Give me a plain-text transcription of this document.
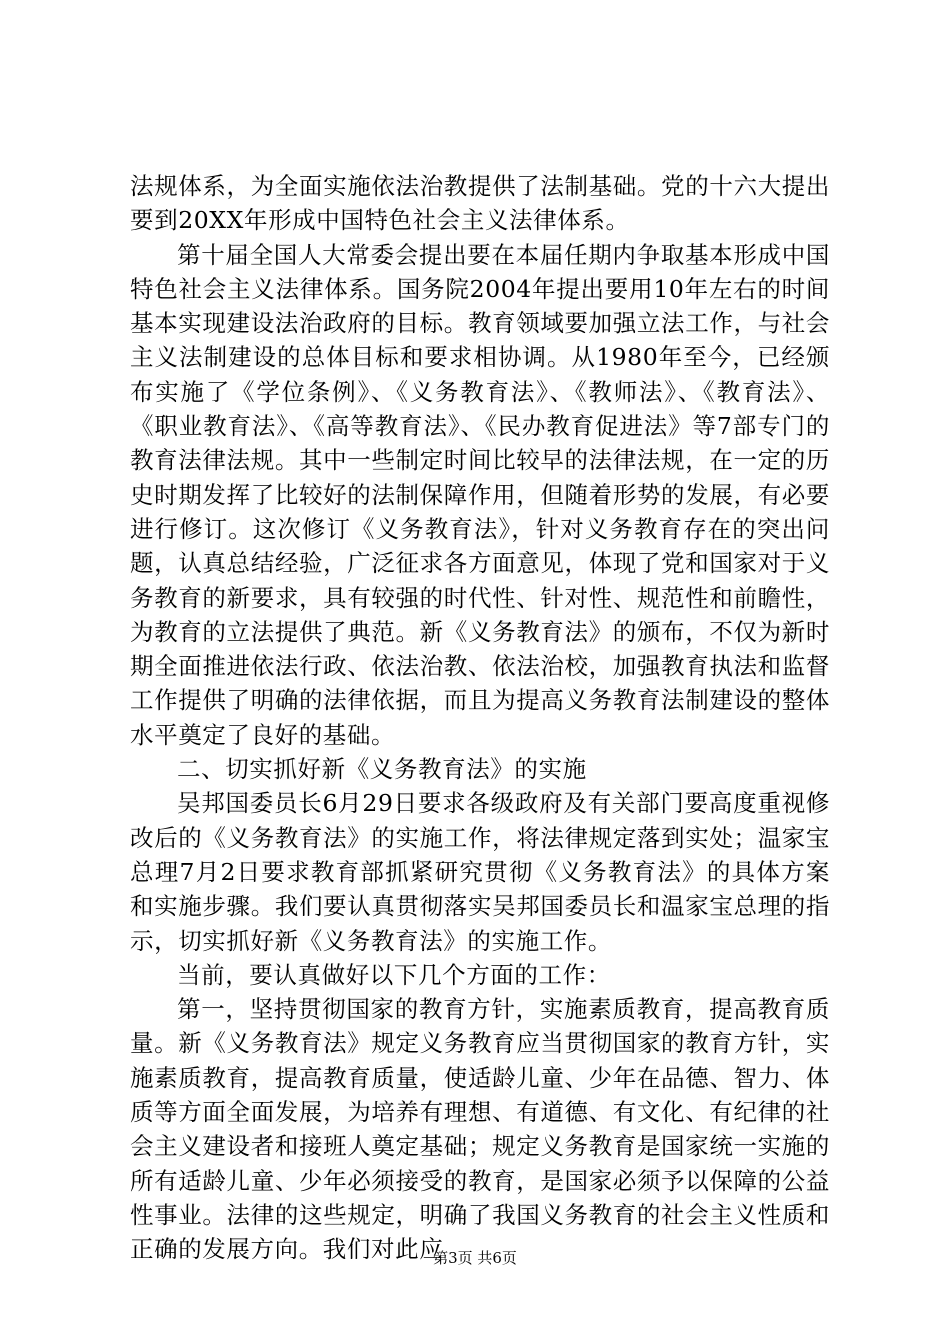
法规体系，为全面实施依法治教提供了法制基础。党的十六大提出要到20XX年形成中国特色社会主义法律体系。

第十届全国人大常委会提出要在本届任期内争取基本形成中国特色社会主义法律体系。国务院2004年提出要用10年左右的时间基本实现建设法治政府的目标。教育领域要加强立法工作，与社会主义法制建设的总体目标和要求相协调。从1980年至今，已经颁布实施了《学位条例》、《义务教育法》、《教师法》、《教育法》、《职业教育法》、《高等教育法》、《民办教育促进法》等7部专门的教育法律法规。其中一些制定时间比较早的法律法规，在一定的历史时期发挥了比较好的法制保障作用，但随着形势的发展，有必要进行修订。这次修订《义务教育法》，针对义务教育存在的突出问题，认真总结经验，广泛征求各方面意见，体现了党和国家对于义务教育的新要求，具有较强的时代性、针对性、规范性和前瞻性，为教育的立法提供了典范。新《义务教育法》的颁布，不仅为新时期全面推进依法行政、依法治教、依法治校，加强教育执法和监督工作提供了明确的法律依据，而且为提高义务教育法制建设的整体水平奠定了良好的基础。

二、切实抓好新《义务教育法》的实施

吴邦国委员长6月29日要求各级政府及有关部门要高度重视修改后的《义务教育法》的实施工作，将法律规定落到实处；温家宝总理7月2日要求教育部抓紧研究贯彻《义务教育法》的具体方案和实施步骤。我们要认真贯彻落实吴邦国委员长和温家宝总理的指示，切实抓好新《义务教育法》的实施工作。

当前，要认真做好以下几个方面的工作：

第一，坚持贯彻国家的教育方针，实施素质教育，提高教育质量。新《义务教育法》规定义务教育应当贯彻国家的教育方针，实施素质教育，提高教育质量，使适龄儿童、少年在品德、智力、体质等方面全面发展，为培养有理想、有道德、有文化、有纪律的社会主义建设者和接班人奠定基础；规定义务教育是国家统一实施的所有适龄儿童、少年必须接受的教育，是国家必须予以保障的公益性事业。法律的这些规定，明确了我国义务教育的社会主义性质和正确的发展方向。我们对此应

第3页 共6页
